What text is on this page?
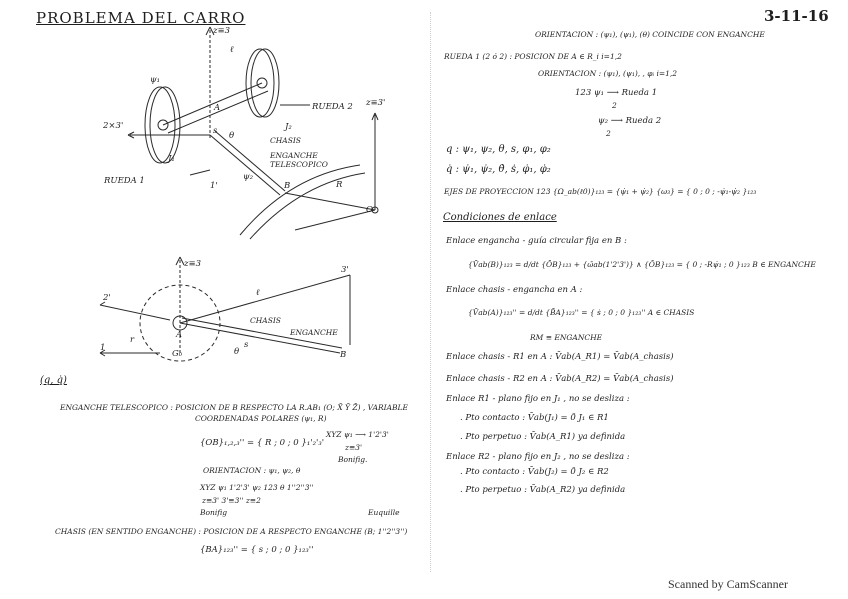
PROBLEMA DEL CARRO	3-11-16
z≡3
z≡3'
RUEDA 1
RUEDA 2
CHASIS
ENGANCHE TELESCOPICO
2×3'
1'
A
B
O
R
ψ₁
ψ₂
θ
s
J₁
J₂
ℓ
z≡3
3'
1
2'
A
B
CHASIS
ENGANCHE
r	s
θ
G₀
ℓ
(q, q̇)
ENGANCHE TELESCOPICO : POSICION DE B RESPECTO LA R.AB₁ (O; X̄ Ȳ Z̄) , VARIABLE
COORDENADAS POLARES (ψ₁, R)
{OB}₁,₂,₃'' = { R ; 0 ; 0 }₁'₂'₃'
XYZ ψ₁ ⟶ 1'2'3'
z≡3'
Bonifig.
ORIENTACION : ψ₁, ψ₂, θ
XYZ ψ₁ 1'2'3' ψ₂ 123 θ 1''2''3''
z≡3' 3'≡3'' z≡2
Bonifig	Euquille
CHASIS (EN SENTIDO ENGANCHE) : POSICION DE A RESPECTO ENGANCHE (B; 1''2''3'')
{BA}₁₂₃'' = { s ; 0 ; 0 }₁₂₃''
ORIENTACION : (ψ₁), (ψ₁), (θ) COINCIDE CON ENGANCHE
RUEDA 1 (2 ó 2) : POSICION DE A ∈ R_i i=1,2
ORIENTACION : (ψ₁), (ψ₁), , φᵢ i=1,2
123 ψ₁ ⟶ Rueda 1
2
ψ₂ ⟶ Rueda 2
2
q : ψ₁, ψ₂, θ, s, φ₁, φ₂
q̇ : ψ̇₁, ψ̇₂, θ̇, ṡ, φ̇₁, φ̇₂
EJES DE PROYECCION 123 {Ω_ab(ℓ0)}₁₂₃ = {ψ̇₁ + ψ̇₂} {ω₃} = { 0 ; 0 ; -ψ̇₁-ψ̇₂ }₁₂₃
Condiciones de enlace
Enlace engancha - guía circular fija en B :
{V̄ab(B)}₁₂₃ = d/dt {ŌB}₁₂₃ + {ω̄ab(1'2'3')} ∧ {ŌB}₁₂₃ = { 0 ; -Rψ̇₁ ; 0 }₁₂₃ B ∈ ENGANCHE
Enlace chasis - engancha en A :
{V̄ab(A)}₁₂₃'' = d/dt {B̄A}₁₂₃'' = { ṡ ; 0 ; 0 }₁₂₃'' A ∈ CHASIS
RM ≡ ENGANCHE
Enlace chasis - R1 en A : V̄ab(A_R1) = V̄ab(A_chasis)
Enlace chasis - R2 en A : V̄ab(A_R2) = V̄ab(A_chasis)
Enlace R1 - plano fijo en J₁ , no se desliza :
. Pto contacto : V̄ab(J₁) = 0̄ J₁ ∈ R1
. Pto perpetuo : V̄ab(A_R1) ya definida
Enlace R2 - plano fijo en J₂ , no se desliza :
. Pto contacto : V̄ab(J₂) = 0̄ J₂ ∈ R2
. Pto perpetuo : V̄ab(A_R2) ya definida
Scanned by CamScanner
